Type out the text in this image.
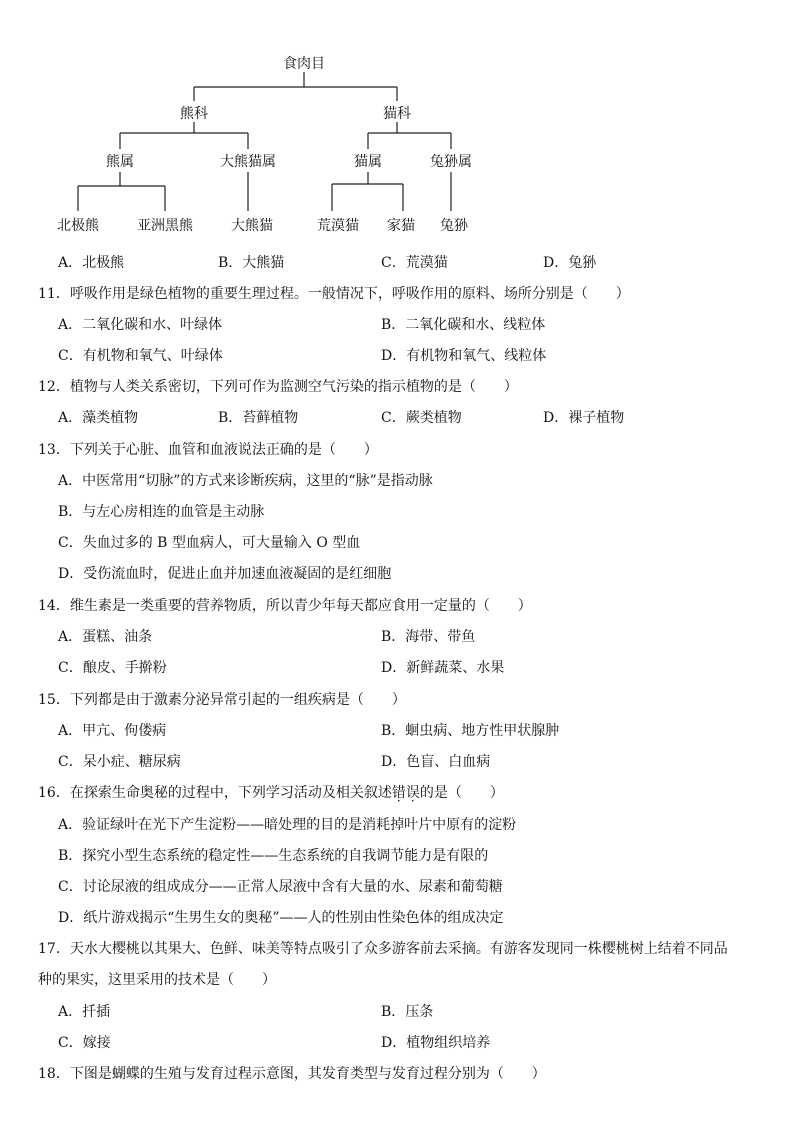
食肉目
熊科	猫科
熊属	大熊猫属	猫属	兔狲属
北极熊	亚洲黑熊	大熊猫	荒漠猫 家猫 兔狲
A．北极熊	B．大熊猫	C．荒漠猫	D．兔狲
11．呼吸作用是绿色植物的重要生理过程。一般情况下，呼吸作用的原料、场所分别是（　　）
A．二氧化碳和水、叶绿体	B．二氧化碳和水、线粒体
C．有机物和氧气、叶绿体	D．有机物和氧气、线粒体
12．植物与人类关系密切，下列可作为监测空气污染的指示植物的是（　　）
A．藻类植物	B．苔藓植物	C．蕨类植物	D．裸子植物
13．下列关于心脏、血管和血液说法正确的是（　　）
A．中医常用“切脉”的方式来诊断疾病，这里的“脉”是指动脉
B．与左心房相连的血管是主动脉
C．失血过多的 B 型血病人，可大量输入 O 型血
D．受伤流血时，促进止血并加速血液凝固的是红细胞
14．维生素是一类重要的营养物质，所以青少年每天都应食用一定量的（　　）
A．蛋糕、油条	B．海带、带鱼
C．酿皮、手擀粉	D．新鲜蔬菜、水果
15．下列都是由于激素分泌异常引起的一组疾病是（　　）
A．甲亢、佝偻病	B．蛔虫病、地方性甲状腺肿
C．呆小症、糖尿病	D．色盲、白血病
16．在探索生命奥秘的过程中，下列学习活动及相关叙述错误的是（　　）
A．验证绿叶在光下产生淀粉——暗处理的目的是消耗掉叶片中原有的淀粉
B．探究小型生态系统的稳定性——生态系统的自我调节能力是有限的
C．讨论尿液的组成成分——正常人尿液中含有大量的水、尿素和葡萄糖
D．纸片游戏揭示“生男生女的奥秘”——人的性别由性染色体的组成决定
17．天水大樱桃以其果大、色鲜、味美等特点吸引了众多游客前去采摘。有游客发现同一株樱桃树上结着不同品
种的果实，这里采用的技术是（　　）
A．扦插	B．压条
C．嫁接	D．植物组织培养
18．下图是蝴蝶的生殖与发育过程示意图，其发育类型与发育过程分别为（　　）
